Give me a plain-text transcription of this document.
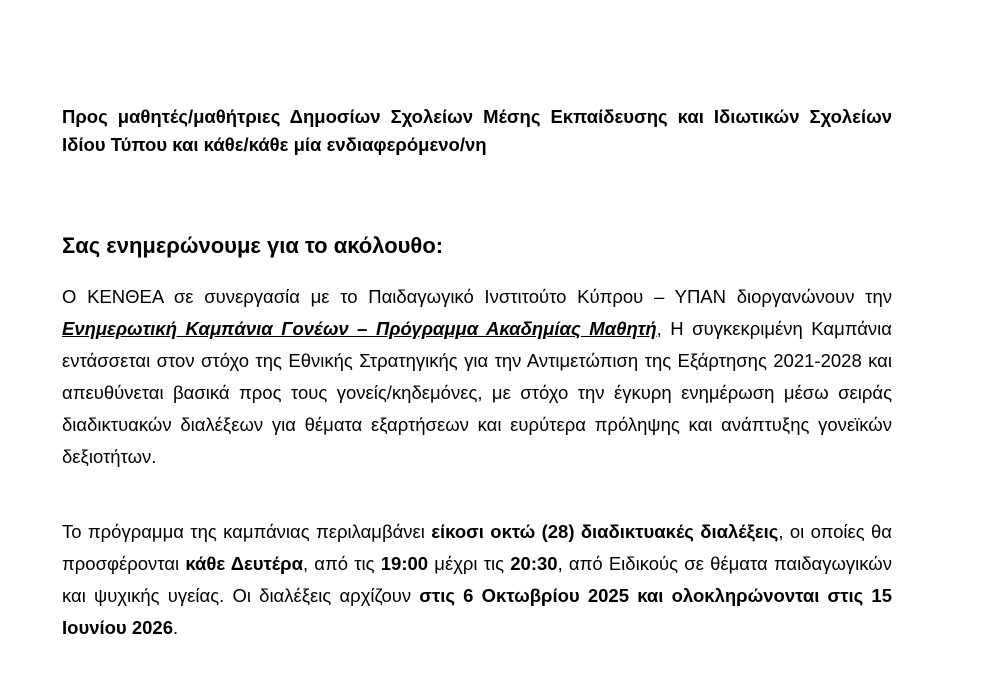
Προς μαθητές/μαθήτριες Δημοσίων Σχολείων Μέσης Εκπαίδευσης και Ιδιωτικών Σχολείων Ιδίου Τύπου και κάθε/κάθε μία ενδιαφερόμενο/νη
Σας ενημερώνουμε για το ακόλουθο:
Ο ΚΕΝΘΕΑ σε συνεργασία με το Παιδαγωγικό Ινστιτούτο Κύπρου – ΥΠΑΝ διοργανώνουν την Ενημερωτική Καμπάνια Γονέων – Πρόγραμμα Ακαδημίας Μαθητή, Η συγκεκριμένη Καμπάνια εντάσσεται στον στόχο της Εθνικής Στρατηγικής για την Αντιμετώπιση της Εξάρτησης 2021-2028 και απευθύνεται βασικά προς τους γονείς/κηδεμόνες, με στόχο την έγκυρη ενημέρωση μέσω σειράς διαδικτυακών διαλέξεων για θέματα εξαρτήσεων και ευρύτερα πρόληψης και ανάπτυξης γονεϊκών δεξιοτήτων.
Το πρόγραμμα της καμπάνιας περιλαμβάνει είκοσι οκτώ (28) διαδικτυακές διαλέξεις, οι οποίες θα προσφέρονται κάθε Δευτέρα, από τις 19:00 μέχρι τις 20:30, από Ειδικούς σε θέματα παιδαγωγικών και ψυχικής υγείας. Οι διαλέξεις αρχίζουν στις 6 Οκτωβρίου 2025 και ολοκληρώνονται στις 15 Ιουνίου 2026.
